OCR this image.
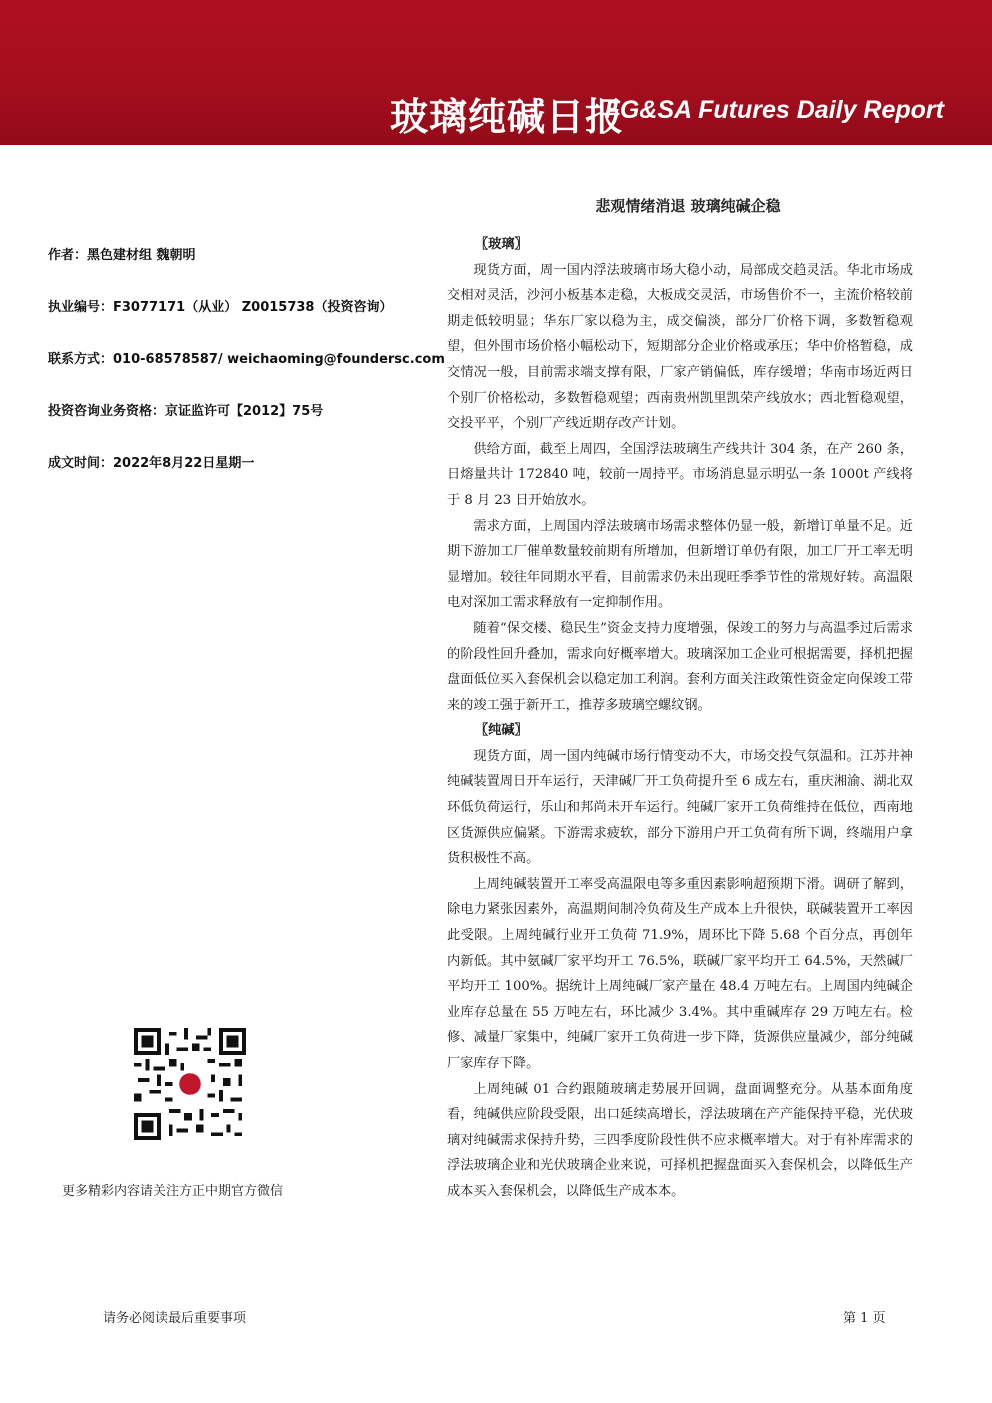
玻璃纯碱日报
FG&SA Futures Daily Report
悲观情绪消退 玻璃纯碱企稳
作者：黑色建材组 魏朝明
执业编号：F3077171（从业） Z0015738（投资咨询）
联系方式：010-68578587/ weichaoming@foundersc.com
投资咨询业务资格：京证监许可【2012】75号
成文时间：2022年8月22日星期一
更多精彩内容请关注方正中期官方微信

〖玻璃〗

现货方面，周一国内浮法玻璃市场大稳小动，局部成交趋灵活。华北市场成交相对灵活，沙河小板基本走稳，大板成交灵活，市场售价不一，主流价格较前期走低较明显；华东厂家以稳为主，成交偏淡，部分厂价格下调，多数暂稳观望，但外围市场价格小幅松动下，短期部分企业价格或承压；华中价格暂稳，成交情况一般，目前需求端支撑有限，厂家产销偏低，库存缓增；华南市场近两日个别厂价格松动，多数暂稳观望；西南贵州凯里凯荣产线放水；西北暂稳观望，交投平平，个别厂产线近期存改产计划。

供给方面，截至上周四，全国浮法玻璃生产线共计 304 条，在产 260 条，日熔量共计 172840 吨，较前一周持平。市场消息显示明弘一条 1000t 产线将于 8 月 23 日开始放水。

需求方面，上周国内浮法玻璃市场需求整体仍显一般，新增订单量不足。近期下游加工厂催单数量较前期有所增加，但新增订单仍有限，加工厂开工率无明显增加。较往年同期水平看，目前需求仍未出现旺季季节性的常规好转。高温限电对深加工需求释放有一定抑制作用。

随着“保交楼、稳民生”资金支持力度增强，保竣工的努力与高温季过后需求的阶段性回升叠加，需求向好概率增大。玻璃深加工企业可根据需要，择机把握盘面低位买入套保机会以稳定加工利润。套利方面关注政策性资金定向保竣工带来的竣工强于新开工，推荐多玻璃空螺纹钢。

〖纯碱〗

现货方面，周一国内纯碱市场行情变动不大，市场交投气氛温和。江苏井神纯碱装置周日开车运行，天津碱厂开工负荷提升至 6 成左右，重庆湘渝、湖北双环低负荷运行，乐山和邦尚未开车运行。纯碱厂家开工负荷维持在低位，西南地区货源供应偏紧。下游需求疲软，部分下游用户开工负荷有所下调，终端用户拿货积极性不高。

上周纯碱装置开工率受高温限电等多重因素影响超预期下滑。调研了解到，除电力紧张因素外，高温期间制冷负荷及生产成本上升很快，联碱装置开工率因此受限。上周纯碱行业开工负荷 71.9%，周环比下降 5.68 个百分点，再创年内新低。其中氨碱厂家平均开工 76.5%，联碱厂家平均开工 64.5%，天然碱厂平均开工 100%。据统计上周纯碱厂家产量在 48.4 万吨左右。上周国内纯碱企业库存总量在 55 万吨左右，环比减少 3.4%。其中重碱库存 29 万吨左右。检修、减量厂家集中，纯碱厂家开工负荷进一步下降，货源供应量减少，部分纯碱厂家库存下降。

上周纯碱 01 合约跟随玻璃走势展开回调，盘面调整充分。从基本面角度看，纯碱供应阶段受限，出口延续高增长，浮法玻璃在产产能保持平稳，光伏玻璃对纯碱需求保持升势，三四季度阶段性供不应求概率增大。对于有补库需求的浮法玻璃企业和光伏玻璃企业来说，可择机把握盘面买入套保机会，以降低生产成本买入套保机会，以降低生产成本本。

请务必阅读最后重要事项	第 1 页
